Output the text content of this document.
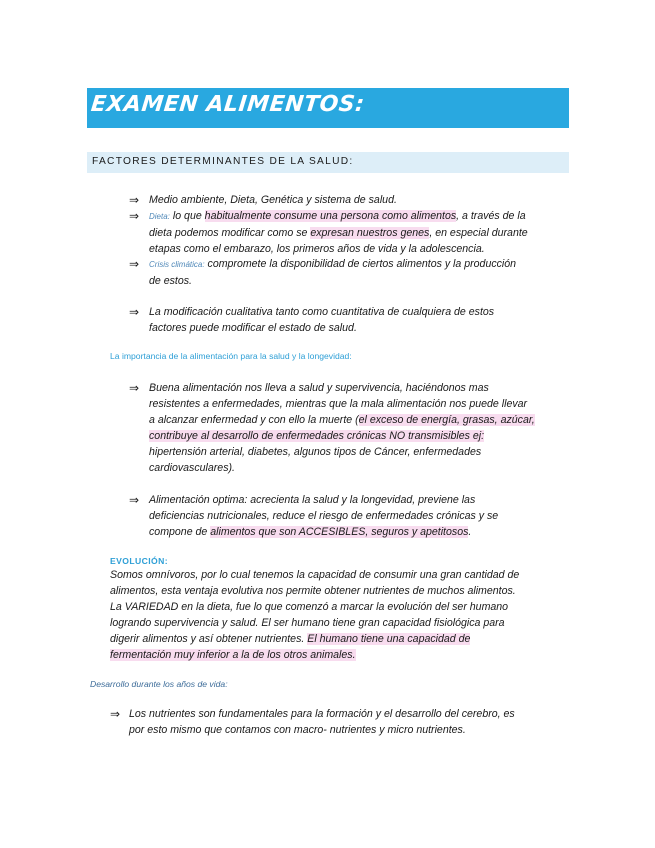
EXAMEN ALIMENTOS:
FACTORES DETERMINANTES DE LA SALUD:
⇒ Medio ambiente, Dieta, Genética y sistema de salud.
⇒ Dieta: lo que habitualmente consume una persona como alimentos, a través de la
dieta podemos modificar como se expresan nuestros genes, en especial durante
etapas como el embarazo, los primeros años de vida y la adolescencia.
⇒ Crisis climática: compromete la disponibilidad de ciertos alimentos y la producción
de estos.
⇒ La modificación cualitativa tanto como cuantitativa de cualquiera de estos
factores puede modificar el estado de salud.
La importancia de la alimentación para la salud y la longevidad:
⇒ Buena alimentación nos lleva a salud y supervivencia, haciéndonos mas
resistentes a enfermedades, mientras que la mala alimentación nos puede llevar
a alcanzar enfermedad y con ello la muerte (el exceso de energía, grasas, azúcar,
contribuye al desarrollo de enfermedades crónicas NO transmisibles ej:
hipertensión arterial, diabetes, algunos tipos de Cáncer, enfermedades
cardiovasculares).
⇒ Alimentación optima: acrecienta la salud y la longevidad, previene las
deficiencias nutricionales, reduce el riesgo de enfermedades crónicas y se
compone de alimentos que son ACCESIBLES, seguros y apetitosos.
EVOLUCIÓN:
Somos omnívoros, por lo cual tenemos la capacidad de consumir una gran cantidad de
alimentos, esta ventaja evolutiva nos permite obtener nutrientes de muchos alimentos.
La VARIEDAD en la dieta, fue lo que comenzó a marcar la evolución del ser humano
logrando supervivencia y salud. El ser humano tiene gran capacidad fisiológica para
digerir alimentos y así obtener nutrientes. El humano tiene una capacidad de
fermentación muy inferior a la de los otros animales.
Desarrollo durante los años de vida:
⇒ Los nutrientes son fundamentales para la formación y el desarrollo del cerebro, es
por esto mismo que contamos con macro- nutrientes y micro nutrientes.
